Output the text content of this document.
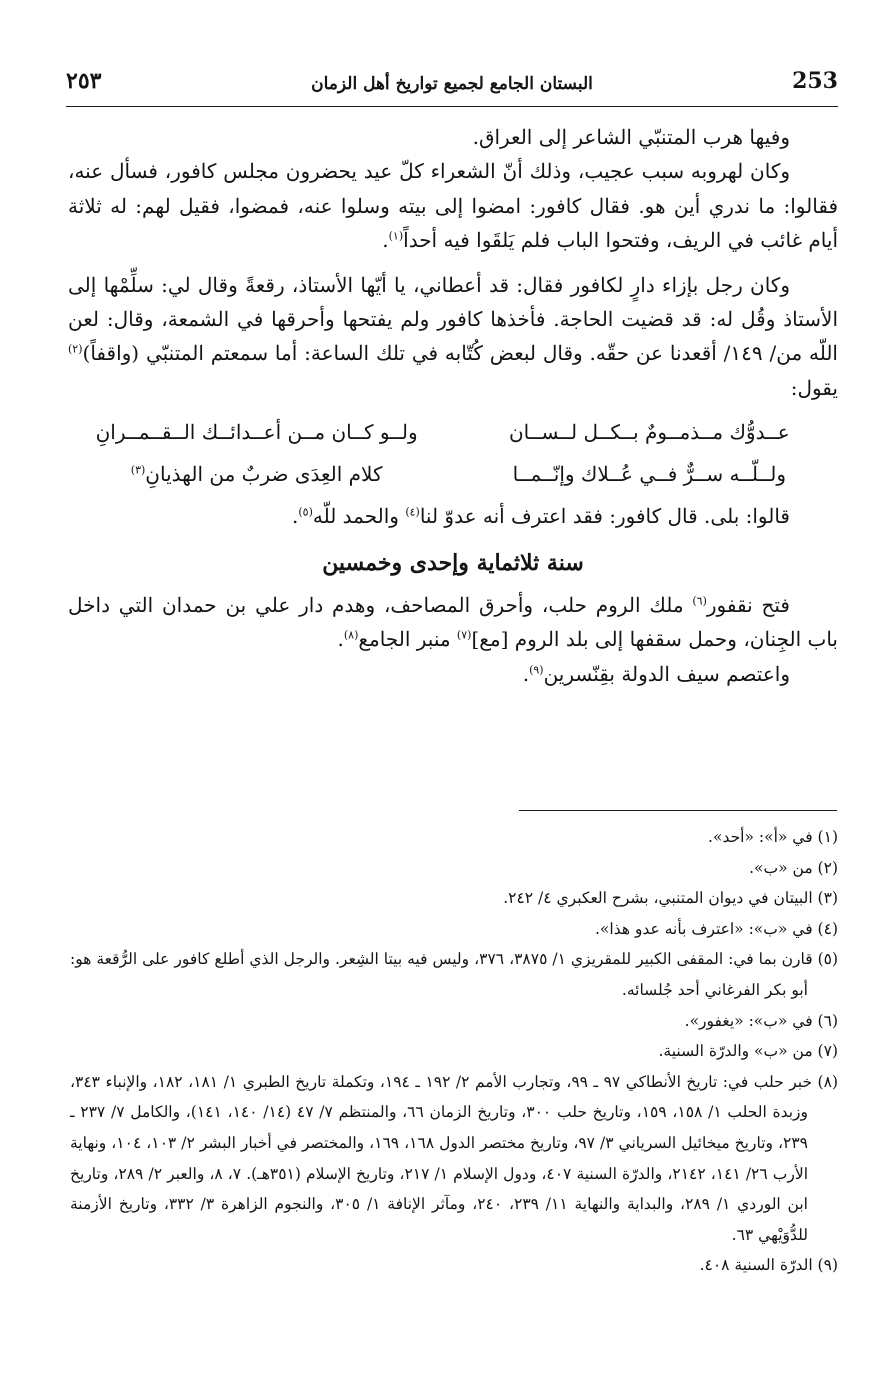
٢٥٣	البستان الجامع لجميع تواريخ أهل الزمان	253

وفيها هرب المتنبّي الشاعر إلى العراق.

وكان لهروبه سبب عجيب، وذلك أنّ الشعراء كلّ عيد يحضرون مجلس كافور، فسأل عنه، فقالوا: ما ندري أين هو. فقال كافور: امضوا إلى بيته وسلوا عنه، فمضوا، فقيل لهم: له ثلاثة أيام غائب في الريف، وفتحوا الباب فلم يَلقَوا فيه أحداً$^{(١)}$.

وكان رجل بإزاء دارٍ لكافور فقال: قد أعطاني، يا أيّها الأستاذ، رقعةً وقال لي: سلِّمْها إلى الأستاذ وقُل له: قد قضيت الحاجة. فأخذها كافور ولم يفتحها وأحرقها في الشمعة، وقال: لعن اللّه من/ ١٤٩/ أقعدنا عن حقّه. وقال لبعض كُتّابه في تلك الساعة: أما سمعتم المتنبّي (واقفاً)$^{(٢)}$ يقول:

عــدوُّك مــذمــومٌ بــكــل لــســان
ولــو كــان مــن أعــدائــك الــقــمــرانِ
ولــلّــه ســرٌّ فــي عُــلاك وإنّــمــا
كلام العِدَى ضربٌ من الهذيانِ$^{(٣)}$

قالوا: بلى. قال كافور: فقد اعترف أنه عدوّ لنا$^{(٤)}$ والحمد للّه$^{(٥)}$.

سنة ثلاثماية وإحدى وخمسين

فتح نقفور$^{(٦)}$ ملك الروم حلب، وأحرق المصاحف، وهدم دار علي بن حمدان التي داخل باب الجِنان، وحمل سقفها إلى بلد الروم [مع]$^{(٧)}$ منبر الجامع$^{(٨)}$.

واعتصم سيف الدولة بقِنّسرين$^{(٩)}$.

(١) في «أ»: «أحد».
(٢) من «ب».
(٣) البيتان في ديوان المتنبي، بشرح العكبري ٤/ ٢٤٢.
(٤) في «ب»: «اعترف بأنه عدو هذا».
(٥) قارن بما في: المقفى الكبير للمقريزي ١/ ٣٨٧٥، ٣٧٦، وليس فيه بيتا الشِعر. والرجل الذي أطلع كافور على الرُّقعة هو: أبو بكر الفرغاني أحد جُلسائه.
(٦) في «ب»: «يغفور».
(٧) من «ب» والدرّة السنية.
(٨) خبر حلب في: تاريخ الأنطاكي ٩٧ ـ ٩٩، وتجارب الأمم ٢/ ١٩٢ ـ ١٩٤، وتكملة تاريخ الطبري ١/ ١٨١، ١٨٢، والإنباء ٣٤٣، وزبدة الحلب ١/ ١٥٨، ١٥٩، وتاريخ حلب ٣٠٠، وتاريخ الزمان ٦٦، والمنتظم ٧/ ٤٧ (١٤/ ١٤٠، ١٤١)، والكامل ٧/ ٢٣٧ ـ ٢٣٩، وتاريخ ميخائيل السرياني ٣/ ٩٧، وتاريخ مختصر الدول ١٦٨، ١٦٩، والمختصر في أخبار البشر ٢/ ١٠٣، ١٠٤، ونهاية الأرب ٢٦/ ١٤١، ٢١٤٢، والدرّة السنية ٤٠٧، ودول الإسلام ١/ ٢١٧، وتاريخ الإسلام (٣٥١هـ). ٧، ٨، والعبر ٢/ ٢٨٩، وتاريخ ابن الوردي ١/ ٢٨٩، والبداية والنهاية ١١/ ٢٣٩، ٢٤٠، ومآثر الإنافة ١/ ٣٠٥، والنجوم الزاهرة ٣/ ٣٣٢، وتاريخ الأزمنة للدُّوَيْهي ٦٣.
(٩) الدرّة السنية ٤٠٨.
